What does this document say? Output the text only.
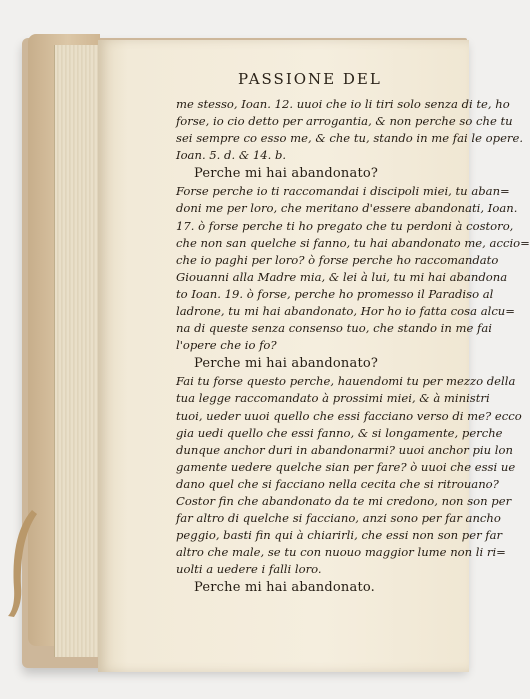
PASSIONE DEL
me stesso, Ioan. 12. uuoi che io li tiri solo senza di te, ho
forse, io cio detto per arrogantia, & non perche so che tu
sei sempre co esso me, & che tu, stando in me fai le opere.
Ioan. 5. d. & 14. b.
Perche mi hai abandonato?
Forse perche io ti raccomandai i discipoli miei, tu aban=
doni me per loro, che meritano d'essere abandonati, Ioan.
17. ò forse perche ti ho pregato che tu perdoni à costoro,
che non san quelche si fanno, tu hai abandonato me, accio=
che io paghi per loro? ò forse perche ho raccomandato
Giouanni alla Madre mia, & lei à lui, tu mi hai abandona
to Ioan. 19. ò forse, perche ho promesso il Paradiso al
ladrone, tu mi hai abandonato, Hor ho io fatta cosa alcu=
na di queste senza consenso tuo, che stando in me fai
l'opere che io fo?
Perche mi hai abandonato?
Fai tu forse questo perche, hauendomi tu per mezzo della
tua legge raccomandato à prossimi miei, & à ministri
tuoi, ueder uuoi quello che essi facciano verso di me? ecco
gia uedi quello che essi fanno, & si longamente, perche
dunque anchor duri in abandonarmi? uuoi anchor piu lon
gamente uedere quelche sian per fare? ò uuoi che essi ue
dano quel che si facciano nella cecita che si ritrouano?
Costor fin che abandonato da te mi credono, non son per
far altro di quelche si facciano, anzi sono per far ancho
peggio, basti fin qui à chiarirli, che essi non son per far
altro che male, se tu con nuouo maggior lume non li ri=
uolti a uedere i falli loro.
Perche mi hai abandonato.
